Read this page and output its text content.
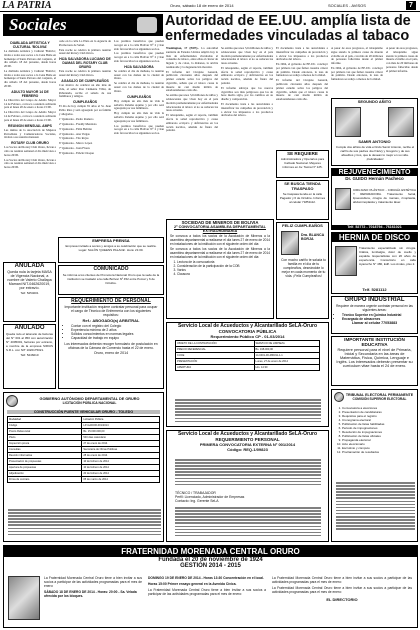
LA PATRIA	Oruro, sábado 18 de enero de 2014	SOCIALES - AVISOS	7
Sociales	Autoridad de EE.UU. amplía lista de enfermedades vinculadas al tabaco
DIABLADA ARTISTICA Y CULTURAL 'BOLIVIA'

La diablada Artística y Cultural 'Bolivia', invita a todos sus socios a la Cena Baile en homenaje al Santo Patrono del conjunto, el día sábado 18 del presente, desde horas 20:00.

La diablada Artística y Cultural 'Bolivia', invita a todos sus socios a la Cena Baile en homenaje al Santo Patrono del conjunto, el día sábado 18 del presente, desde horas 20:00.

ADULTO MAYOR 14 DE FEBRERO

La Directiva del Grupo de Adulto Mayor 14 de Febrero, convoca a reunión ordinaria para el lunes 20 de enero a horas 15:00.

La Directiva del Grupo de Adulto Mayor 14 de Febrero, convoca a reunión ordinaria para el lunes 20 de enero a horas 15:00.

REUNION MENSUAL AMPS

Las damas de la Asociación de Mujeres Periodistas y Comunicadoras Sociales, invitan a su reunión mensual.

ROTARY CLUB ORURO

Los Socios del Rotary Club Oruro, llevan a cabo su reunión semanal el día miércoles a horas 20:00.

Los Socios del Rotary Club Oruro, llevan a cabo su reunión semanal el día miércoles a horas 20:00.

cede en la calle La Plata en la Agencia de Promotores de Salud.

Esta noche se celebra la primera reunión anual del Rotary Club Oruro.

HIJA SALVADORA LUCIANO DE DAMAS DEL ROTARY CLUB ORURO

Esta noche se celebra la primera reunión anual del Rotary Club Oruro.

AGASAJO DE CUMPLEAÑOS

Con motivo de celebrar un año más de vida, el señor Ron Clemente Villar, de Peñaranda, recibe el saludo de sus familiares y amigos.

CUMPLEAÑOS

El día de hoy cumple 81 años el Sr. Juan Pablo Ríos y será agasajado por su familia y allegados.

1ª Quincena - Pedro Romero

2ª Quincena - Freddy Mendoza

3ª Quincena - Félix Beltrán

4ª Quincena - Ana Vargas

5ª Quincena - Tito Rojas

6ª Quincena - Marco López

7ª Quincena - Juan Flores

8ª Quincena - Edwin Choque

Los premios beneficios que pueden recoger en a la calle Bolivar N° 2 y han sido favorecidos los siguientes socios.

Los premios beneficios que pueden recoger en a la calle Bolivar N° 2 y han sido favorecidos los siguientes socios.

HIJA SALVADORA

Se celebra el día de mañana, la reunión anual con las damas de la ciudad de Oruro.

Se celebra el día de mañana, la reunión anual con las damas de la ciudad de Oruro.

CUMPLEAÑOS

Hoy cumple un año más de vida la señorita Zulema Aquino y por ello será agasajada por sus familiares.

Hoy cumple un año más de vida la señorita Zulema Aquino y por ello será agasajada por sus familiares.

Los premios beneficios que pueden recoger en a la calle Bolivar N° 2 y han sido favorecidos los siguientes socios.

EMPRESA PRENSA

Empresa invitado a socios y amigos a su celebración que se realiza. Lugar: SALÓN 'QUEENS PALACE'. Hora: 21:00.

Washington, 17 (EFE).- La autoridad sanitaria de Estados Unidos amplió hoy la lista de enfermedades vinculadas al consumo de tabaco, entre ellas el cáncer de hígado y de colon, la diabetes, la artritis reumatoide y la degeneración macular.

El informe del Cirujano General, publicado cincuenta años después del primer estudio sobre los peligros del cigarrillo, señala que el tabaco causa la muerte de casi medio millón de estadounidenses cada año.

Se estima que unos 5,6 millones de niños y adolescentes que viven hoy en el país morirán prematuramente por enfermedades relacionadas al tabaco si no se reducen las tasas actuales.

El tabaquismo, según el reporte, también afecta la salud reproductiva y causa embarazo ectópico y deficiencias en los recién nacidos, además de fisura del paladar.

Se estima que unos 5,6 millones de niños y adolescentes que viven hoy en el país morirán prematuramente por enfermedades relacionadas al tabaco si no se reducen las tasas actuales.

El tabaquismo, según el reporte, también afecta la salud reproductiva y causa embarazo ectópico y deficiencias en los recién nacidos, además de fisura del paladar.

El informe subraya que los nuevos cigarrillos son más peligrosos que los de hace medio siglo, por los cambios en su diseño y composición.

El documento insta a las autoridades a intensificar las campañas de prevención y a elevar los impuestos a los productos derivados del tabaco.

El documento insta a las autoridades a intensificar las campañas de prevención y a elevar los impuestos a los productos derivados del tabaco.

En 1964, el gobierno de EE.UU. concluyó por primera vez que fumar causaba cáncer de pulmón. Desde entonces, la tasa de fumadores se redujo a menos de la mitad.

El informe del Cirujano General, publicado cincuenta años después del primer estudio sobre los peligros del cigarrillo, señala que el tabaco causa la muerte de casi medio millón de estadounidenses cada año.

A pesar de esos progresos, el tabaquismo sigue siendo la primera causa de muerte evitable en el país, con más de 20 millones de personas fallecidas desde el primer informe.

En 1964, el gobierno de EE.UU. concluyó por primera vez que fumar causaba cáncer de pulmón. Desde entonces, la tasa de fumadores se redujo a menos de la mitad.

A pesar de esos progresos, el tabaquismo sigue siendo la primera causa de muerte evitable en el país, con más de 20 millones de personas fallecidas desde el primer informe.

SEGUNDO AÑITO
SAMIR ANTONIO

Cumple dos añitos de vida el lindo Samir Antonio, recibe el cariño de sus padres Joel Nelvy y Gregorio y de sus abuelitos y tíos, que le desean lo mejor en su vida. ¡Felicidades!

ANULADA

Queda nula la tarjeta MASA de Vigencia Nacional, a nombre de Valerio Challapa Mamani NIT-0462620019, por extravío.

Telf. 5254001

ANULADO

Queda nulo el talonario de facturas del N° 001 al 050 con autorización N° 4005001, facturas por extravío, a nombre de la empresa SIRIUS S.R.L. con NIT 1020175021.

Telf. 5246010

COMUNICADO

Se informa a los clientes de Promotora Nacional Oruro que la sede de la institución se trasladó a la calle Bolívar Nº 452 entre Potosí y 6 de Octubre.

REQUERIMIENTO DE PERSONAL

Importante institución requiere contratar personal para ocupar el cargo de Técnico de Enfermería con los siguientes requisitos:

Ref.: ABOGADO(a) ARBITRAL

• Contar con el registro del Colegio
• Experiencia mínima de 2 años
• Sólidos conocimientos en normas legales
• Capacidad de trabajo en equipo

Los interesados deberán recoger formulario de postulación en oficinas de la Cámara de Comercio hasta el 22 de enero.

Oruro, enero de 2014

SE REQUIERE

Administradora y Operarios para Calzado Nacional. Mayores informes en Av. Tacna N° 125.

SE BUSCA TIENDA TRASPASO

Se traspasa tienda en la calle Pagador y 6 de Octubre. Informes al celular 71851112.

SOCIEDAD DE MINEROS DE BOLIVIA
2ª CONVOCATORIA ASAMBLEA DEPARTAMENTAL EXTRAORDINARIA

Se convoca a todos los socios de la Asociación de Mineros a la asamblea departamental a realizarse el día lunes 27 de enero de 2014 en instalaciones de la institución con el siguiente orden del día:

Se convoca a todos los socios de la Asociación de Mineros a la asamblea departamental a realizarse el día lunes 27 de enero de 2014 en instalaciones de la institución con el siguiente orden del día:

1. Lectura de la convocatoria
2. Consideración de la participación de la COB
3. Varios
4. Clausura
FELIZ CUMPLEAÑOS

Dra. BLANCA BORJA

Con mucho cariño te saluda tu familia en el día de tu cumpleaños, deseándote lo mejor en cada momento de tu vida. ¡Feliz Cumpleaños!

REJUVENECIMIENTO
Dr. GUIDO Hernán Pacheco

CIRUJANO PLÁSTICO - CIRUGÍA ESTÉTICA Y REPARADORA. Tratamiento facial, lipoescultura, cirugía de mamas, rinoplastia, abdominoplastia y tratamiento láser.

Telf. 52772 - 7018794 - 76161021

HERNIA DE DISCO

Tratamiento especializado sin cirugía. Ciática, lumbalgia, dolor de cuello y espalda. Especialistas con 20 años de experiencia. Consultorio en calle Ayacucho N° 480, Edif. Los Andes, piso 2.

Telf. 5281112

GRUPO INDUSTRIAL

Requiere de manera urgente contratar personal en las siguientes áreas:

• Técnico Superior en Química Industrial
• Encargado de almacenes

Llamar al celular 77053883

IMPORTANTE INSTITUCIÓN EDUCATIVA

Requiere personal para el nivel de Primaria, Inicial y Secundaria en las áreas de Matemática, Física, Química, Lenguaje e Inglés. Los interesados deberán presentar su currículum vitae hasta el 24 de enero.

Servicio Local de Acueductos y Alcantarillado SeLA-Oruro
CONVOCATORIA PÚBLICA
Requerimiento Público CP - 01-03/2014
OBJETO DE LA CONTRATACIÓN	SERVICIO DE LIMPIEZA
PRECIO REFERENCIAL	Bs. 198.000,00
CUCE	14-0401-00-486311-1-1
PRESENTACIÓN	Lunes, 27 de enero de 2014
APERTURA	Hrs. 14:30
Servicio Local de Acueductos y Alcantarillado SeLA-Oruro
REQUERIMIENTO PERSONAL
PRIMERA CONVOCATORIA EXTERNA N° 001/2014
Código: REQ-1/09823

TÉCNICO / TRABAJADOR

Perfil: Licenciado, Administrador de Empresas

Contacto: Ing. Gerente SeLA

GOBIERNO AUTÓNOMO DEPARTAMENTAL DE ORURO
LICITACIÓN PÚBLICA NACIONAL
CONSTRUCCIÓN PUENTE VEHICULAR ORURO - TOLEDO
Modalidad	Licitación Pública
Código	LP-GADOR-001/2014
Precio Referencial	Bs. 15.000.000,00
Plazo	540 días calendario
Inspección previa	27 de enero de 2014
Consultas	Secretaría de Obras Públicas
Reunión informativa	28 de enero de 2014
Presentación de propuestas	10 de febrero de 2014
Apertura de propuestas	10 de febrero de 2014
Adjudicación	20 de febrero de 2014
Firma de contrato	05 de marzo de 2014
TRIBUNAL ELECTORAL PERMANENTE
COMISIÓN SUPERIOR ELECTORAL
1. Convocatoria a elecciones
2. Presentación de candidaturas
3. Requisitos para el registro
4. Cronograma electoral
5. Publicación de listas habilitadas
6. Periodo de impugnaciones
7. Resolución de impugnaciones
8. Publicación de listas oficiales
9. Propaganda electoral
10. Acto eleccionario
11. Escrutinio y cómputo
12. Proclamación de resultados
FRATERNIDAD MORENADA CENTRAL ORURO
Fundada el 20 de noviembre de 1924
GESTIÓN 2014 - 2015

La Fraternidad Morenada Central Oruro tiene a bien invitar a sus socios a participar de las actividades programadas para el mes de enero:

SÁBADO 18 DE ENERO DE 2014 - Horas: 20:00 - Sa. Velada ofrecida por los bloques.

DOMINGO 19 DE ENERO DE 2014 - Horas 13:30 Concentración en el local.

Horas 15:00 Primer ensayo general en la Avenida Cívica.

La Fraternidad Morenada Central Oruro tiene a bien invitar a sus socios a participar de las actividades programadas para el mes de enero:

La Fraternidad Morenada Central Oruro tiene a bien invitar a sus socios a participar de las actividades programadas para el mes de enero:

La Fraternidad Morenada Central Oruro tiene a bien invitar a sus socios a participar de las actividades programadas para el mes de enero:

EL DIRECTORIO
